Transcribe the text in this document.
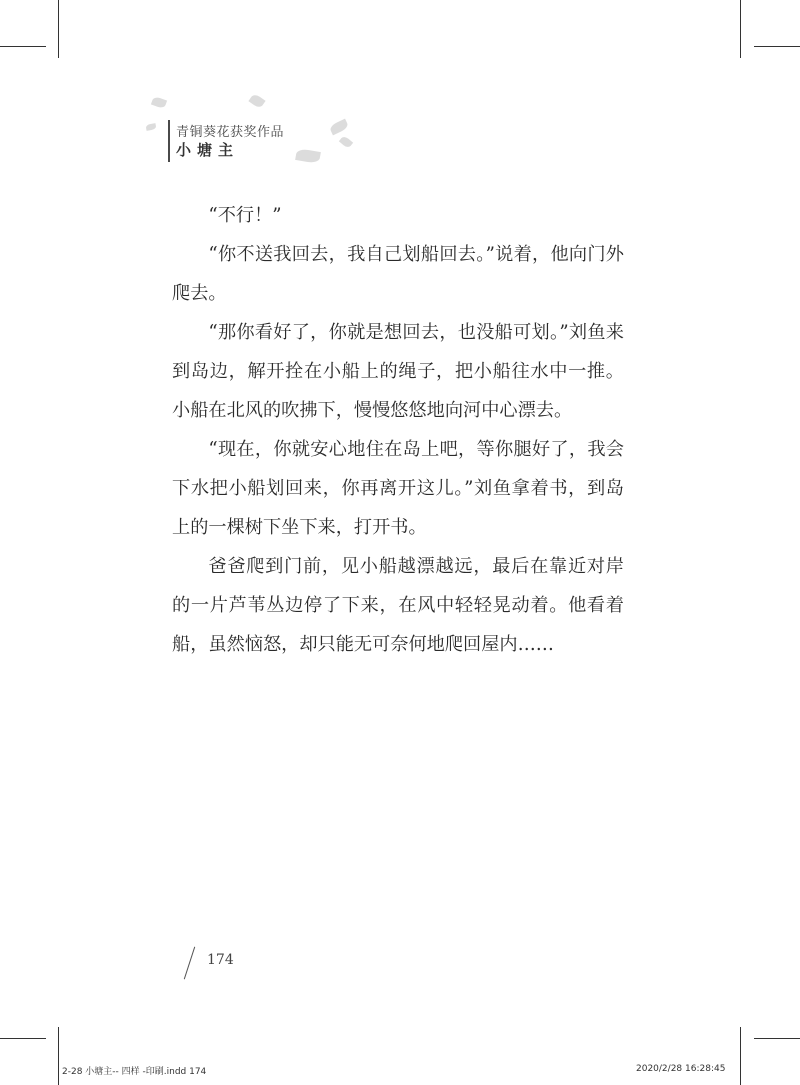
青铜葵花获奖作品

小塘主

“不行！”

“你不送我回去，我自己划船回去。”说着，他向门外爬去。

“那你看好了，你就是想回去，也没船可划。”刘鱼来到岛边，解开拴在小船上的绳子，把小船往水中一推。小船在北风的吹拂下，慢慢悠悠地向河中心漂去。

“现在，你就安心地住在岛上吧，等你腿好了，我会下水把小船划回来，你再离开这儿。”刘鱼拿着书，到岛上的一棵树下坐下来，打开书。

爸爸爬到门前，见小船越漂越远，最后在靠近对岸的一片芦苇丛边停了下来，在风中轻轻晃动着。他看着船，虽然恼怒，却只能无可奈何地爬回屋内……

174

2-28 小塘主-- 四样 -印刷.indd 174	2020/2/28 16:28:45
